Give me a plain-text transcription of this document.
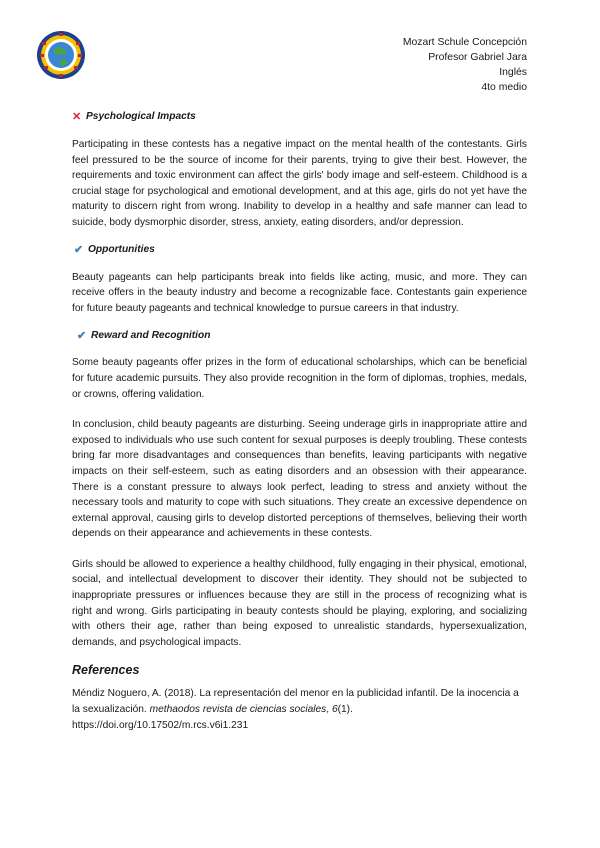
Mozart Schule Concepción
Profesor Gabriel Jara
Inglés
4to medio
✕ Psychological Impacts

Participating in these contests has a negative impact on the mental health of the contestants. Girls feel pressured to be the source of income for their parents, trying to give their best. However, the requirements and toxic environment can affect the girls' body image and self-esteem. Childhood is a crucial stage for psychological and emotional development, and at this age, girls do not yet have the maturity to discern right from wrong. Inability to develop in a healthy and safe manner can lead to suicide, body dysmorphic disorder, stress, anxiety, eating disorders, and/or depression.

✔ Opportunities

Beauty pageants can help participants break into fields like acting, music, and more. They can receive offers in the beauty industry and become a recognizable face. Contestants gain experience for future beauty pageants and technical knowledge to pursue careers in that industry.

✔ Reward and Recognition

Some beauty pageants offer prizes in the form of educational scholarships, which can be beneficial for future academic pursuits. They also provide recognition in the form of diplomas, trophies, medals, or crowns, offering validation.

In conclusion, child beauty pageants are disturbing. Seeing underage girls in inappropriate attire and exposed to individuals who use such content for sexual purposes is deeply troubling. These contests bring far more disadvantages and consequences than benefits, leaving participants with negative impacts on their self-esteem, such as eating disorders and an obsession with their appearance. There is a constant pressure to always look perfect, leading to stress and anxiety without the necessary tools and maturity to cope with such situations. They create an excessive dependence on external approval, causing girls to develop distorted perceptions of themselves, believing their worth depends on their appearance and achievements in these contests.

Girls should be allowed to experience a healthy childhood, fully engaging in their physical, emotional, social, and intellectual development to discover their identity. They should not be subjected to inappropriate pressures or influences because they are still in the process of recognizing what is right and wrong. Girls participating in beauty contests should be playing, exploring, and socializing with others their age, rather than being exposed to unrealistic standards, hypersexualization, demands, and psychological impacts.

References

Méndiz Noguero, A. (2018). La representación del menor en la publicidad infantil. De la inocencia a la sexualización. methaodos revista de ciencias sociales, 6(1).
https://doi.org/10.17502/m.rcs.v6i1.231
